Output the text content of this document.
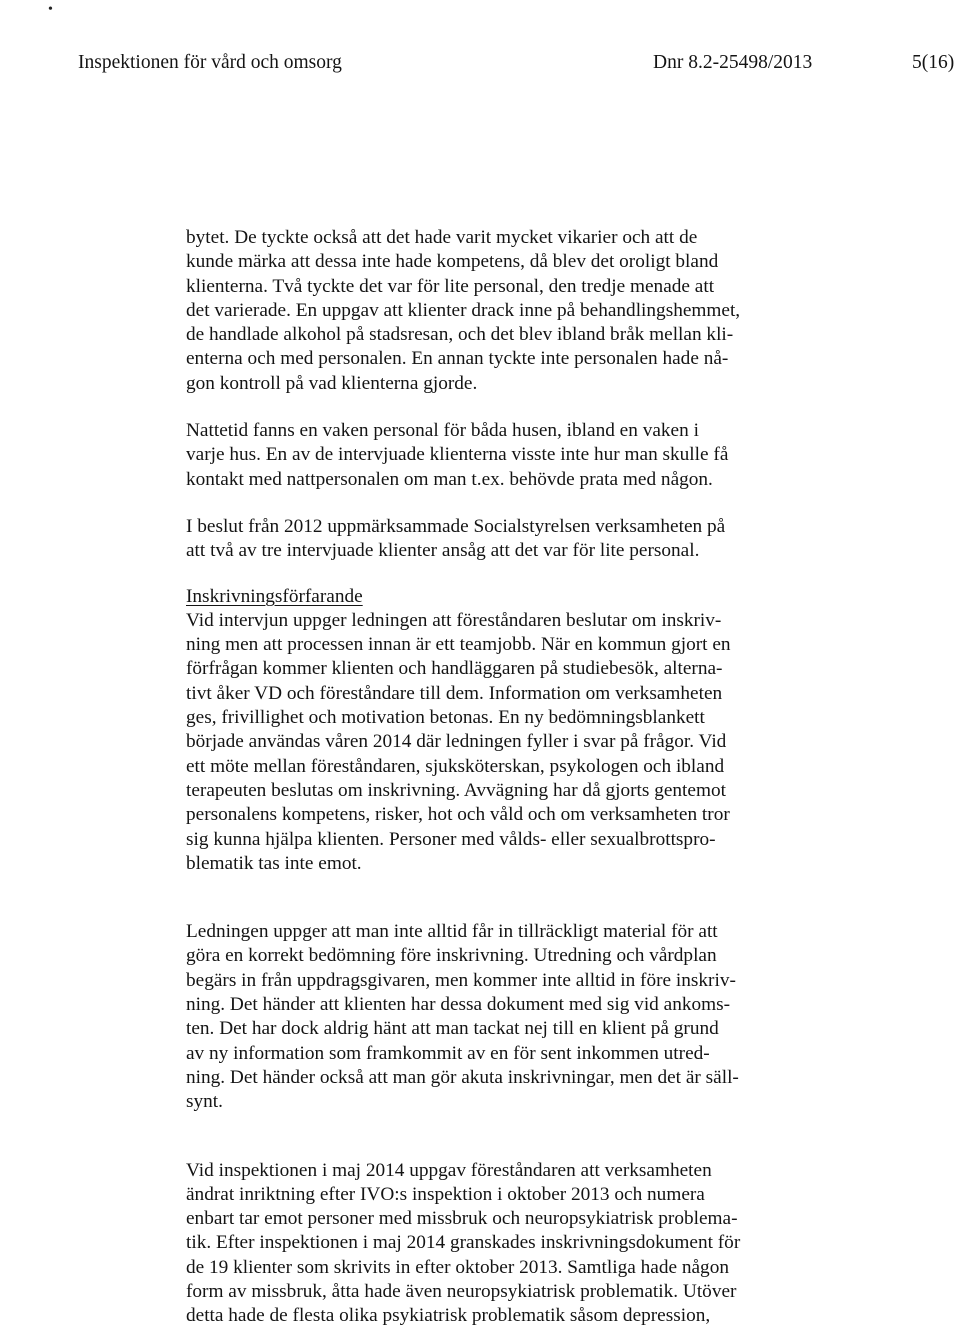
•
Inspektionen för vård och omsorg	Dnr 8.2-25498/2013	5(16)

bytet. De tyckte också att det hade varit mycket vikarier och att de
kunde märka att dessa inte hade kompetens, då blev det oroligt bland
klienterna. Två tyckte det var för lite personal, den tredje menade att
det varierade. En uppgav att klienter drack inne på behandlingshemmet,
de handlade alkohol på stadsresan, och det blev ibland bråk mellan kli-
enterna och med personalen. En annan tyckte inte personalen hade nå-
gon kontroll på vad klienterna gjorde.

Nattetid fanns en vaken personal för båda husen, ibland en vaken i
varje hus. En av de intervjuade klienterna visste inte hur man skulle få
kontakt med nattpersonalen om man t.ex. behövde prata med någon.

I beslut från 2012 uppmärksammade Socialstyrelsen verksamheten på
att två av tre intervjuade klienter ansåg att det var för lite personal.

Inskrivningsförfarande

Vid intervjun uppger ledningen att föreståndaren beslutar om inskriv-
ning men att processen innan är ett teamjobb. När en kommun gjort en
förfrågan kommer klienten och handläggaren på studiebesök, alterna-
tivt åker VD och föreståndare till dem. Information om verksamheten
ges, frivillighet och motivation betonas. En ny bedömningsblankett
började användas våren 2014 där ledningen fyller i svar på frågor. Vid
ett möte mellan föreståndaren, sjuksköterskan, psykologen och ibland
terapeuten beslutas om inskrivning. Avvägning har då gjorts gentemot
personalens kompetens, risker, hot och våld och om verksamheten tror
sig kunna hjälpa klienten. Personer med vålds- eller sexualbrottspro-
blematik tas inte emot.

Ledningen uppger att man inte alltid får in tillräckligt material för att
göra en korrekt bedömning före inskrivning. Utredning och vårdplan
begärs in från uppdragsgivaren, men kommer inte alltid in före inskriv-
ning. Det händer att klienten har dessa dokument med sig vid ankoms-
ten. Det har dock aldrig hänt att man tackat nej till en klient på grund
av ny information som framkommit av en för sent inkommen utred-
ning. Det händer också att man gör akuta inskrivningar, men det är säll-
synt.

Vid inspektionen i maj 2014 uppgav föreståndaren att verksamheten
ändrat inriktning efter IVO:s inspektion i oktober 2013 och numera
enbart tar emot personer med missbruk och neuropsykiatrisk problema-
tik. Efter inspektionen i maj 2014 granskades inskrivningsdokument för
de 19 klienter som skrivits in efter oktober 2013. Samtliga hade någon
form av missbruk, åtta hade även neuropsykiatrisk problematik. Utöver
detta hade de flesta olika psykiatrisk problematik såsom depression,
